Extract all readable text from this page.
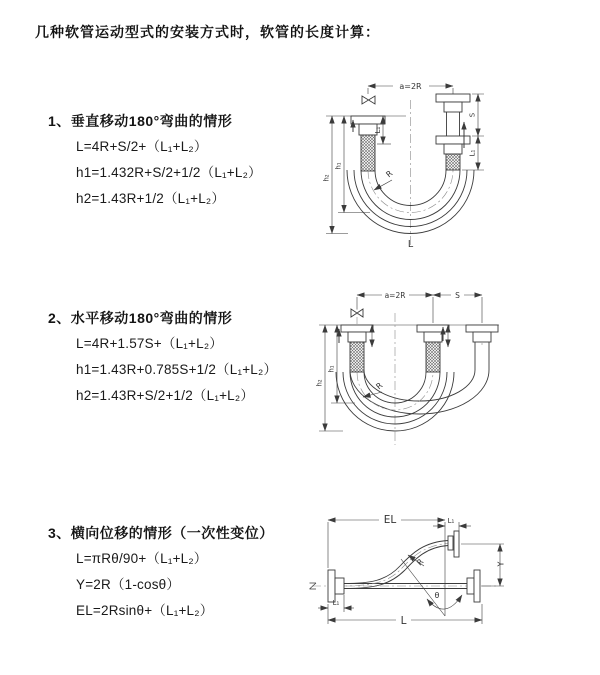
几种软管运动型式的安装方式时，软管的长度计算：
1、垂直移动180°弯曲的情形
L=4R+S/2+（L₁+L₂）
h1=1.432R+S/2+1/2（L₁+L₂）
h2=1.43R+1/2（L₁+L₂）
2、水平移动180°弯曲的情形
L=4R+1.57S+（L₁+L₂）
h1=1.43R+0.785S+1/2（L₁+L₂）
h2=1.43R+S/2+1/2（L₁+L₂）
3、横向位移的情形（一次性变位）
L=πRθ/90+（L₁+L₂）
Y=2R（1-cosθ）
EL=2Rsinθ+（L₁+L₂）
a=2R
L₁
S
L₁
h₂
h₁
R
L
a=2R	S
h₂
h₁
R
EL	L₁
L₁
Y
R
θ
L
